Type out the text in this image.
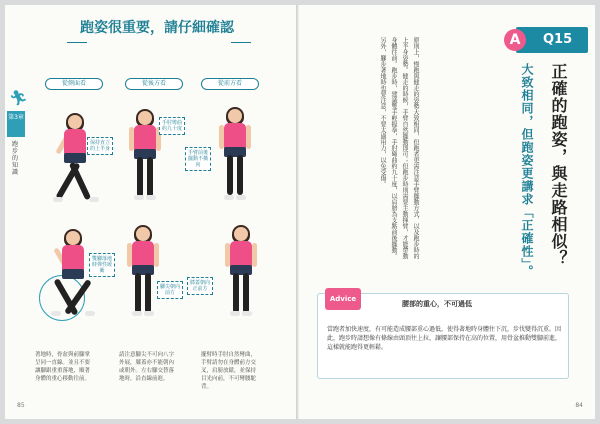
🏃︎
第3章
跑步的知識
跑姿很重要，請仔細確認
從側面看	從後方看	從前方看
保持直立的上半身
手肘彎曲約九十度
手臂前後擺動不橫向
雙腳落地時彈性緩衝
腳尖朝向前方
膝蓋朝向正前方
著地時，骨盆與前腳掌呈同一直線。並且不要讓腳跟重重落地，順著身體的重心移動往前。
請注意腳尖不可向八字外展，膝蓋亦不能朝內或朝外。左右腳交替落地時，沿直線前進。
擺臂時手肘自然彎曲，手臂請勿在身體前方交叉，肩膀放鬆，並保持目光向前，不可彎腰駝背。
85
Q15
A
正確的跑姿，與走路相似？
大致相同，但跑姿更講求「正確性」。
原則上，慢跑與健走的姿勢大致相同，但跑者更需注意手臂擺動方式、以及跑步時的上半身姿勢。健走的時候，手臂自然擺動即可；但跑步時則需要主動揮臂，才能帶動身體往前。跑步時，建議雙手輕握拳，手肘彎曲約九十度，以肩膀為支點前後擺動。另外，腳步著地時也要注意，不要太過用力，以免受傷。
Advice
腰部的重心，不可過低
當跑者加快速度，有可能造成腰部重心過低，使得著地時身體往下沉，步伐變得沉重。因此，跑步時請想像有條線由頭頂往上拉，讓腰部保持在高的位置，用骨盆推動雙腳前進，這樣就能跑得更輕鬆。
84
